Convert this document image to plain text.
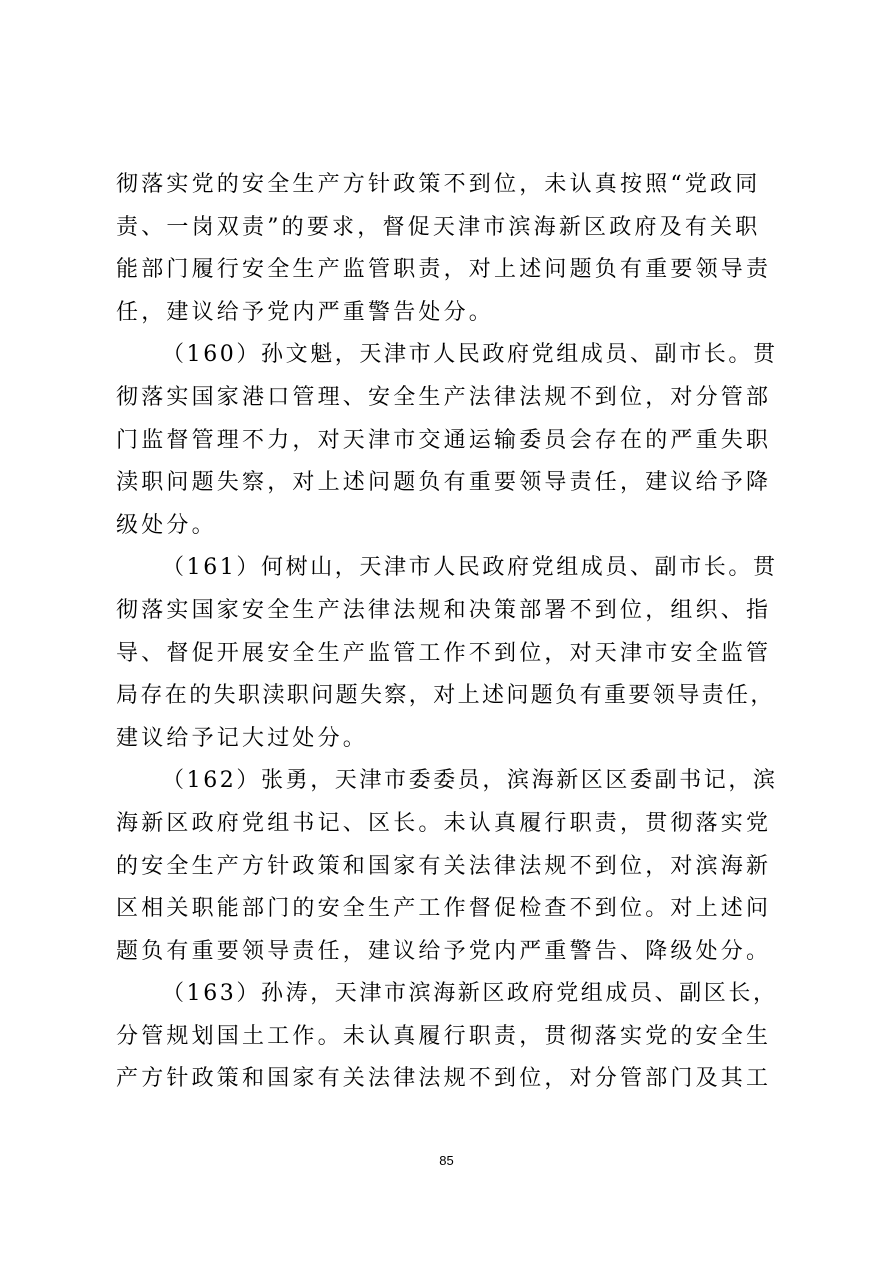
彻落实党的安全生产方针政策不到位，未认真按照“党政同
责、一岗双责”的要求，督促天津市滨海新区政府及有关职
能部门履行安全生产监管职责，对上述问题负有重要领导责
任，建议给予党内严重警告处分。
（160）孙文魁，天津市人民政府党组成员、副市长。贯
彻落实国家港口管理、安全生产法律法规不到位，对分管部
门监督管理不力，对天津市交通运输委员会存在的严重失职
渎职问题失察，对上述问题负有重要领导责任，建议给予降
级处分。
（161）何树山，天津市人民政府党组成员、副市长。贯
彻落实国家安全生产法律法规和决策部署不到位，组织、指
导、督促开展安全生产监管工作不到位，对天津市安全监管
局存在的失职渎职问题失察，对上述问题负有重要领导责任，
建议给予记大过处分。
（162）张勇，天津市委委员，滨海新区区委副书记，滨
海新区政府党组书记、区长。未认真履行职责，贯彻落实党
的安全生产方针政策和国家有关法律法规不到位，对滨海新
区相关职能部门的安全生产工作督促检查不到位。对上述问
题负有重要领导责任，建议给予党内严重警告、降级处分。
（163）孙涛，天津市滨海新区政府党组成员、副区长，
分管规划国土工作。未认真履行职责，贯彻落实党的安全生
产方针政策和国家有关法律法规不到位，对分管部门及其工
85
